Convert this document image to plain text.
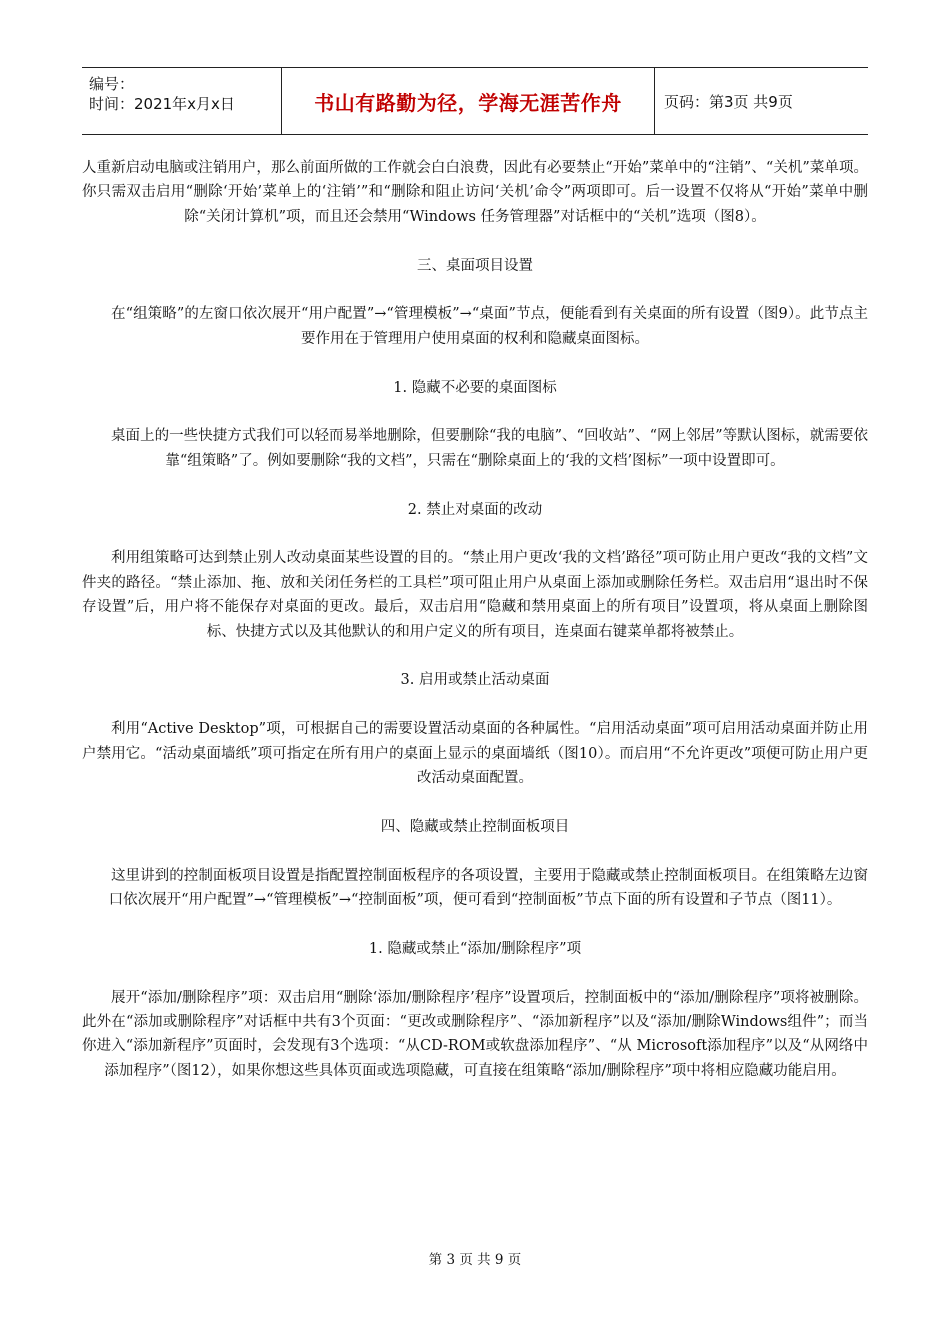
编号：
时间：2021年x月x日	书山有路勤为径，学海无涯苦作舟	页码：第3页 共9页

人重新启动电脑或注销用户，那么前面所做的工作就会白白浪费，因此有必要禁止“开始”菜单中的“注销”、“关机”菜单项。你只需双击启用“删除‘开始’菜单上的‘注销’”和“删除和阻止访问‘关机’命令”两项即可。后一设置不仅将从“开始”菜单中删除“关闭计算机”项，而且还会禁用“Windows 任务管理器”对话框中的“关机”选项（图8）。

三、桌面项目设置

在“组策略”的左窗口依次展开“用户配置”→“管理模板”→“桌面”节点，便能看到有关桌面的所有设置（图9）。此节点主要作用在于管理用户使用桌面的权利和隐藏桌面图标。

1. 隐藏不必要的桌面图标

桌面上的一些快捷方式我们可以轻而易举地删除，但要删除“我的电脑”、“回收站”、“网上邻居”等默认图标，就需要依靠“组策略”了。例如要删除“我的文档”，只需在“删除桌面上的‘我的文档’图标”一项中设置即可。

2. 禁止对桌面的改动

利用组策略可达到禁止别人改动桌面某些设置的目的。“禁止用户更改‘我的文档’路径”项可防止用户更改“我的文档”文件夹的路径。“禁止添加、拖、放和关闭任务栏的工具栏”项可阻止用户从桌面上添加或删除任务栏。双击启用“退出时不保存设置”后，用户将不能保存对桌面的更改。最后，双击启用“隐藏和禁用桌面上的所有项目”设置项，将从桌面上删除图标、快捷方式以及其他默认的和用户定义的所有项目，连桌面右键菜单都将被禁止。

3. 启用或禁止活动桌面

利用“Active Desktop”项，可根据自己的需要设置活动桌面的各种属性。“启用活动桌面”项可启用活动桌面并防止用户禁用它。“活动桌面墙纸”项可指定在所有用户的桌面上显示的桌面墙纸（图10）。而启用“不允许更改”项便可防止用户更改活动桌面配置。

四、隐藏或禁止控制面板项目

这里讲到的控制面板项目设置是指配置控制面板程序的各项设置，主要用于隐藏或禁止控制面板项目。在组策略左边窗口依次展开“用户配置”→“管理模板”→“控制面板”项，便可看到“控制面板”节点下面的所有设置和子节点（图11）。

1. 隐藏或禁止“添加/删除程序”项

展开“添加/删除程序”项：双击启用“删除‘添加/删除程序’程序”设置项后，控制面板中的“添加/删除程序”项将被删除。此外在“添加或删除程序”对话框中共有3个页面：“更改或删除程序”、“添加新程序”以及“添加/删除Windows组件”；而当你进入“添加新程序”页面时，会发现有3个选项：“从CD-ROM或软盘添加程序”、“从 Microsoft添加程序”以及“从网络中添加程序”（图12），如果你想这些具体页面或选项隐藏，可直接在组策略“添加/删除程序”项中将相应隐藏功能启用。

第 3 页 共 9 页
